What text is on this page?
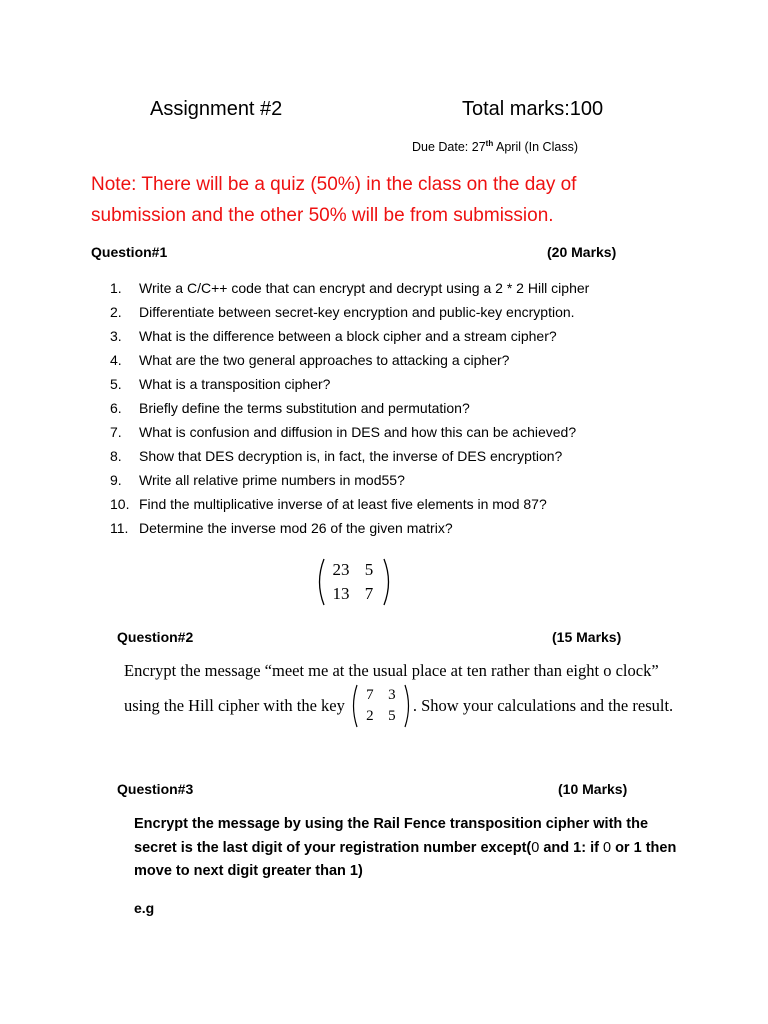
Assignment #2	Total marks:100
Due Date: 27th April (In Class)
Note: There will be a quiz (50%) in the class on the day of submission and the other 50% will be from submission.
Question#1	(20 Marks)
1.	Write a C/C++ code that can encrypt and decrypt using a 2 * 2 Hill cipher
2.	Differentiate between secret-key encryption and public-key encryption.
3.	What is the difference between a block cipher and a stream cipher?
4.	What are the two general approaches to attacking a cipher?
5.	What is a transposition cipher?
6.	Briefly define the terms substitution and permutation?
7.	What is confusion and diffusion in DES and how this can be achieved?
8.	Show that DES decryption is, in fact, the inverse of DES encryption?
9.	Write all relative prime numbers in mod55?
10. Find the multiplicative inverse of at least five elements in mod 87?
11. Determine the inverse mod 26 of the given matrix?
23 5
13 7
Question#2	(15 Marks)
Encrypt the message “meet me at the usual place at ten rather than eight o clock”
using the Hill cipher with the key
7 3
2 5
. Show your calculations and the result.
Question#3	(10 Marks)
Encrypt the message by using the Rail Fence transposition cipher with the secret is the last digit of your registration number except(0 and 1: if 0 or 1 then move to next digit greater than 1)
e.g
